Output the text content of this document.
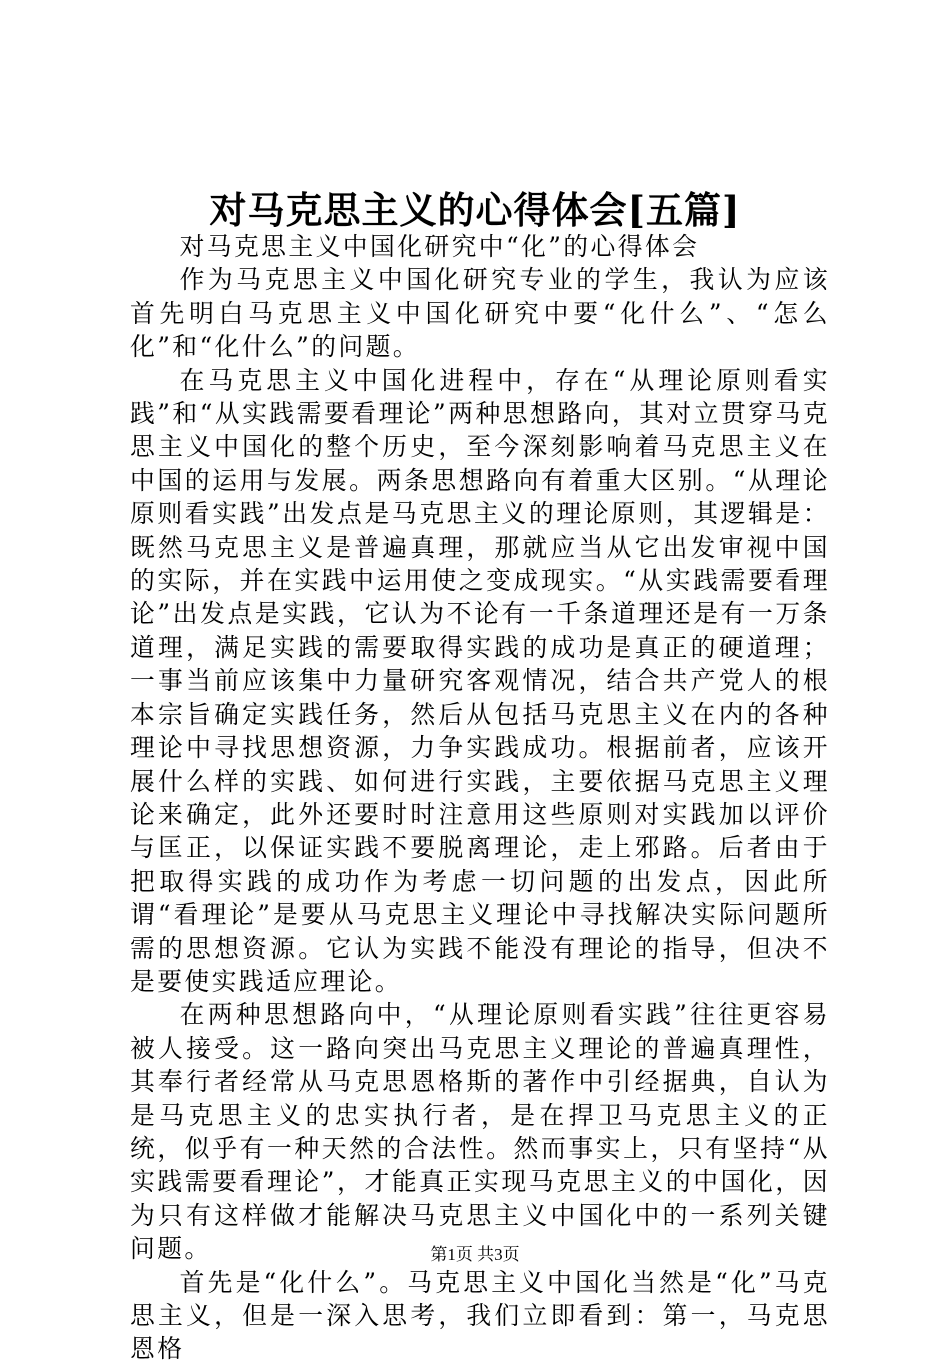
对马克思主义的心得体会[五篇]

对马克思主义中国化研究中“化”的心得体会

作为马克思主义中国化研究专业的学生，我认为应该首先明白马克思主义中国化研究中要“化什么”、“怎么化”和“化什么”的问题。

在马克思主义中国化进程中，存在“从理论原则看实践”和“从实践需要看理论”两种思想路向，其对立贯穿马克思主义中国化的整个历史，至今深刻影响着马克思主义在中国的运用与发展。两条思想路向有着重大区别。“从理论原则看实践”出发点是马克思主义的理论原则，其逻辑是：既然马克思主义是普遍真理，那就应当从它出发审视中国的实际，并在实践中运用使之变成现实。“从实践需要看理论”出发点是实践，它认为不论有一千条道理还是有一万条道理，满足实践的需要取得实践的成功是真正的硬道理；一事当前应该集中力量研究客观情况，结合共产党人的根本宗旨确定实践任务，然后从包括马克思主义在内的各种理论中寻找思想资源，力争实践成功。根据前者，应该开展什么样的实践、如何进行实践，主要依据马克思主义理论来确定，此外还要时时注意用这些原则对实践加以评价与匡正，以保证实践不要脱离理论，走上邪路。后者由于把取得实践的成功作为考虑一切问题的出发点，因此所谓“看理论”是要从马克思主义理论中寻找解决实际问题所需的思想资源。它认为实践不能没有理论的指导，但决不是要使实践适应理论。

在两种思想路向中，“从理论原则看实践”往往更容易被人接受。这一路向突出马克思主义理论的普遍真理性，其奉行者经常从马克思恩格斯的著作中引经据典，自认为是马克思主义的忠实执行者，是在捍卫马克思主义的正统，似乎有一种天然的合法性。然而事实上，只有坚持“从实践需要看理论”，才能真正实现马克思主义的中国化，因为只有这样做才能解决马克思主义中国化中的一系列关键问题。

首先是“化什么”。马克思主义中国化当然是“化”马克思主义，但是一深入思考，我们立即看到：第一，马克思恩格

第1页 共3页
